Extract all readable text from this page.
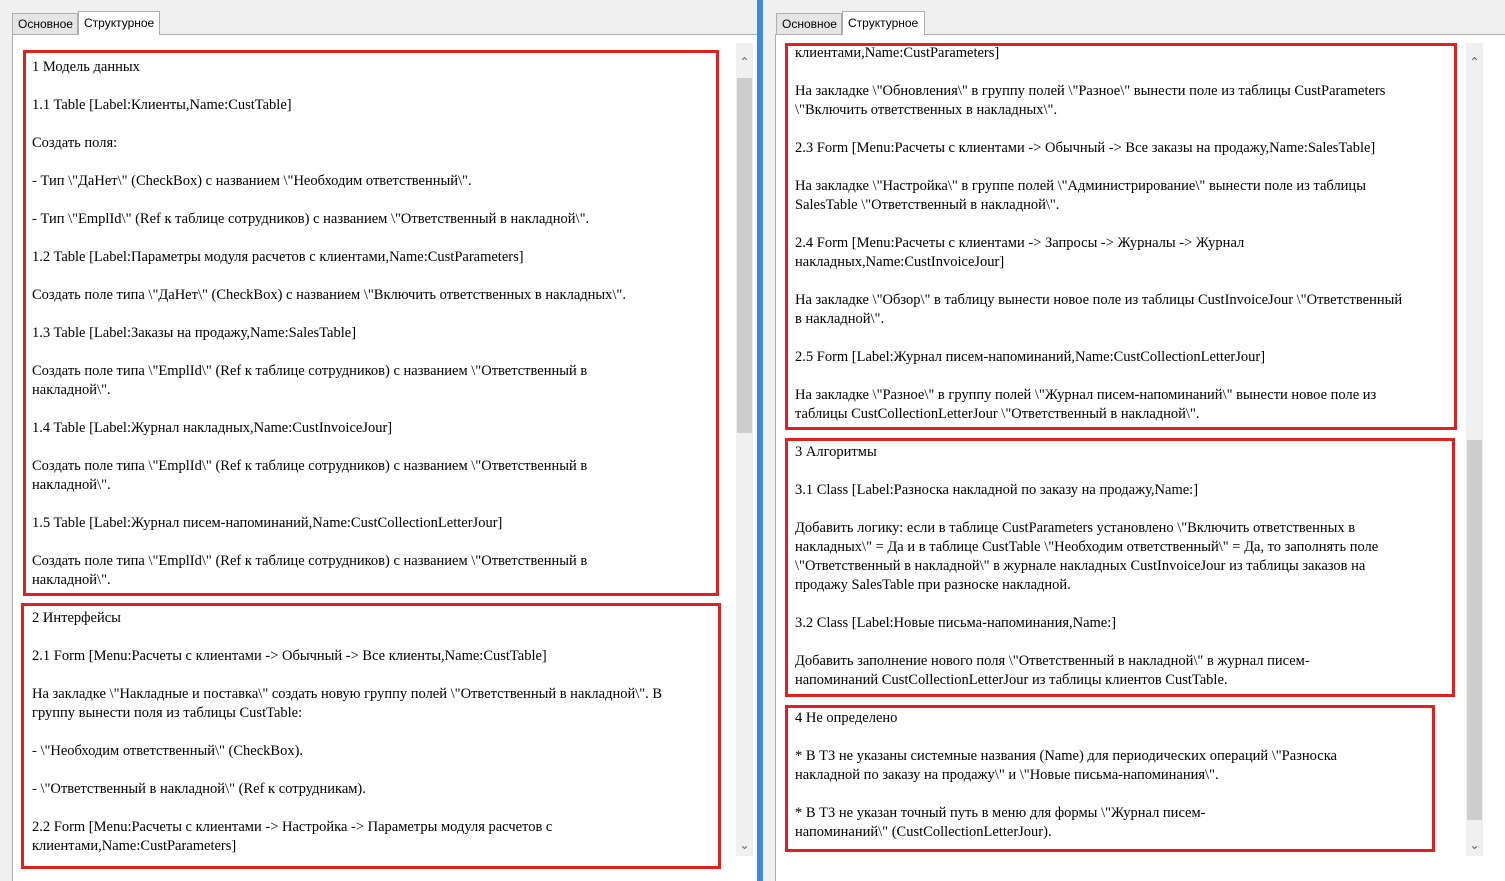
Основное Структурное
1 Модель данных
1.1 Table [Label:Клиенты,Name:CustTable]
Создать поля:
- Тип \"ДаНет\" (CheckBox) с названием \"Необходим ответственный\".
- Тип \"EmplId\" (Ref к таблице сотрудников) с названием \"Ответственный в накладной\".
1.2 Table [Label:Параметры модуля расчетов с клиентами,Name:CustParameters]
Создать поле типа \"ДаНет\" (CheckBox) с названием \"Включить ответственных в накладных\".
1.3 Table [Label:Заказы на продажу,Name:SalesTable]
Создать поле типа \"EmplId\" (Ref к таблице сотрудников) с названием \"Ответственный в
накладной\".
1.4 Table [Label:Журнал накладных,Name:CustInvoiceJour]
Создать поле типа \"EmplId\" (Ref к таблице сотрудников) с названием \"Ответственный в
накладной\".
1.5 Table [Label:Журнал писем-напоминаний,Name:CustCollectionLetterJour]
Создать поле типа \"EmplId\" (Ref к таблице сотрудников) с названием \"Ответственный в
накладной\".
2 Интерфейсы
2.1 Form [Menu:Расчеты с клиентами -> Обычный -> Все клиенты,Name:CustTable]
На закладке \"Накладные и поставка\" создать новую группу полей \"Ответственный в накладной\". В
группу вынести поля из таблицы CustTable:
- \"Необходим ответственный\" (CheckBox).
- \"Ответственный в накладной\" (Ref к сотрудникам).
2.2 Form [Menu:Расчеты с клиентами -> Настройка -> Параметры модуля расчетов с
клиентами,Name:CustParameters]
⌃
⌄
Основное Структурное
клиентами,Name:CustParameters]
На закладке \"Обновления\" в группу полей \"Разное\" вынести поле из таблицы CustParameters
\"Включить ответственных в накладных\".
2.3 Form [Menu:Расчеты с клиентами -> Обычный -> Все заказы на продажу,Name:SalesTable]
На закладке \"Настройка\" в группе полей \"Администрирование\" вынести поле из таблицы
SalesTable \"Ответственный в накладной\".
2.4 Form [Menu:Расчеты с клиентами -> Запросы -> Журналы -> Журнал
накладных,Name:CustInvoiceJour]
На закладке \"Обзор\" в таблицу вынести новое поле из таблицы CustInvoiceJour \"Ответственный
в накладной\".
2.5 Form [Label:Журнал писем-напоминаний,Name:CustCollectionLetterJour]
На закладке \"Разное\" в группу полей \"Журнал писем-напоминаний\" вынести новое поле из
таблицы CustCollectionLetterJour \"Ответственный в накладной\".
3 Алгоритмы
3.1 Class [Label:Разноска накладной по заказу на продажу,Name:]
Добавить логику: если в таблице CustParameters установлено \"Включить ответственных в
накладных\" = Да и в таблице CustTable \"Необходим ответственный\" = Да, то заполнять поле
\"Ответственный в накладной\" в журнале накладных CustInvoiceJour из таблицы заказов на
продажу SalesTable при разноске накладной.
3.2 Class [Label:Новые письма-напоминания,Name:]
Добавить заполнение нового поля \"Ответственный в накладной\" в журнал писем-
напоминаний CustCollectionLetterJour из таблицы клиентов CustTable.
4 Не определено
* В ТЗ не указаны системные названия (Name) для периодических операций \"Разноска
накладной по заказу на продажу\" и \"Новые письма-напоминания\".
* В ТЗ не указан точный путь в меню для формы \"Журнал писем-
напоминаний\" (CustCollectionLetterJour).
⌃
⌄
